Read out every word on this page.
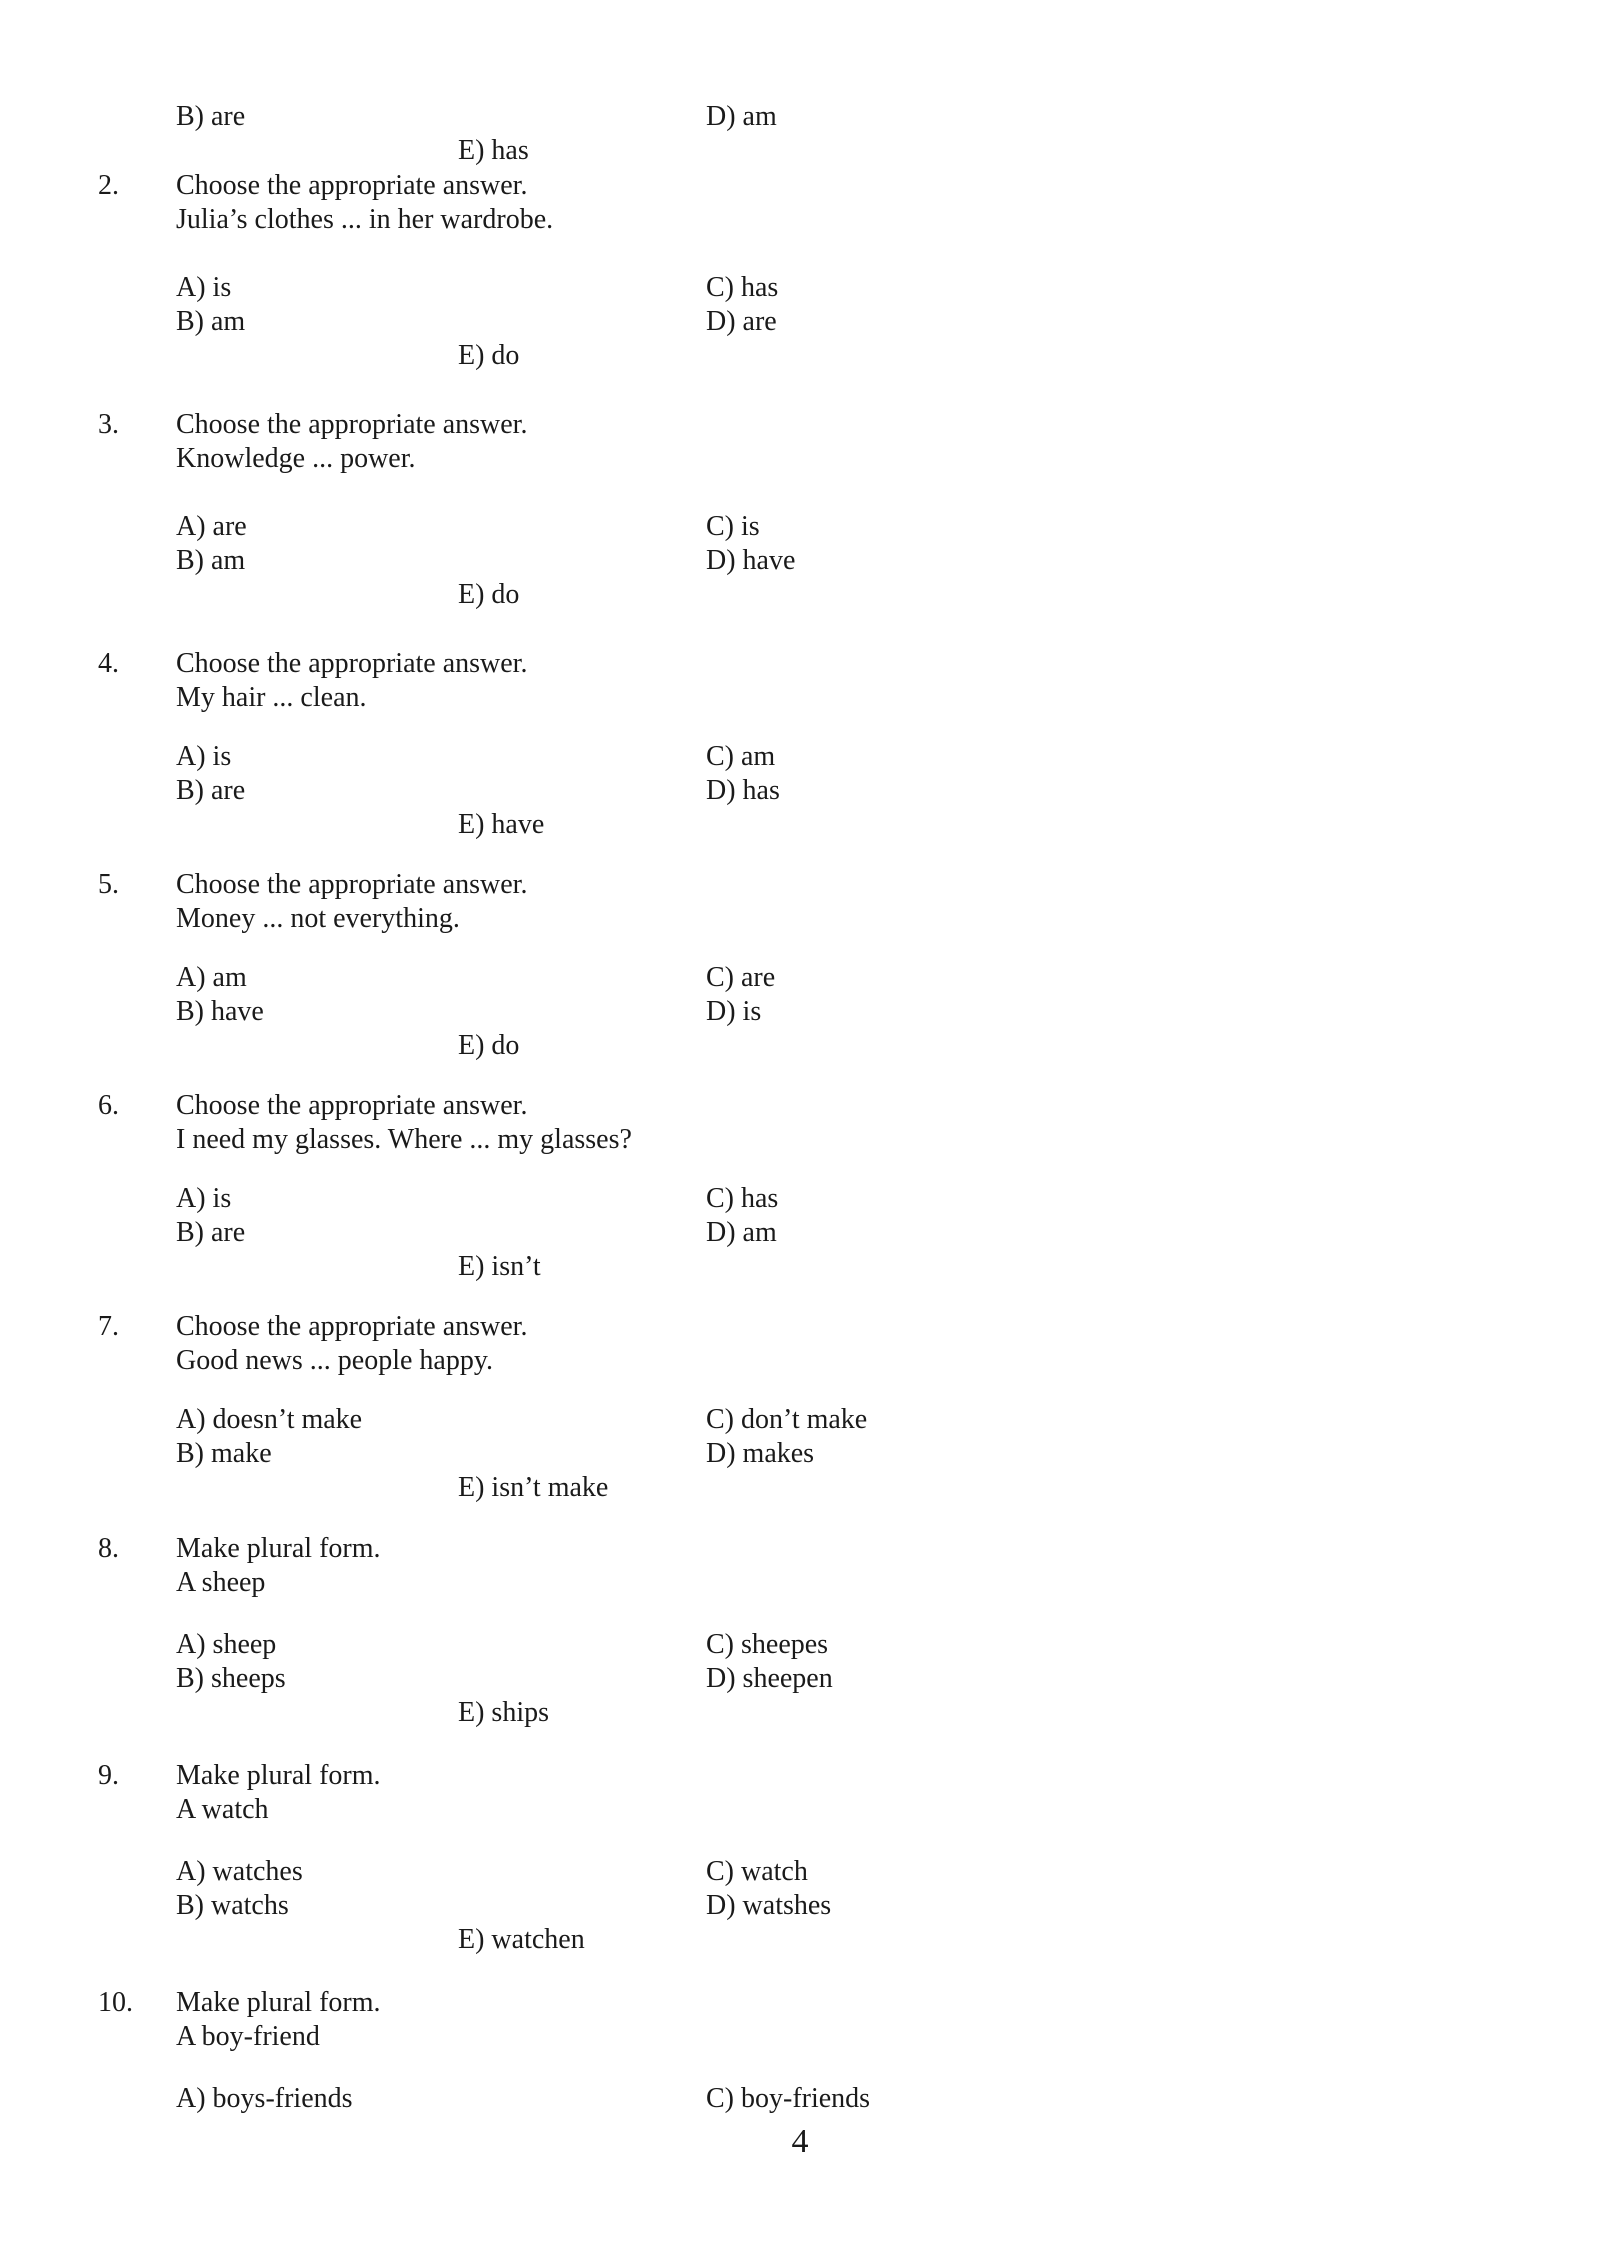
B) are	D) am
E) has
2. Choose the appropriate answer.
Julia’s clothes ... in her wardrobe.
A) is	C) has
B) am	D) are
E) do
3. Choose the appropriate answer.
Knowledge ... power.
A) are	C) is
B) am	D) have
E) do
4. Choose the appropriate answer.
My hair ... clean.
A) is	C) am
B) are	D) has
E) have
5. Choose the appropriate answer.
Money ... not everything.
A) am	C) are
B) have	D) is
E) do
6. Choose the appropriate answer.
I need my glasses. Where ... my glasses?
A) is	C) has
B) are	D) am
E) isn’t
7. Choose the appropriate answer.
Good news ... people happy.
A) doesn’t make	C) don’t make
B) make	D) makes
E) isn’t make
8. Make plural form.
A sheep
A) sheep	C) sheepes
B) sheeps	D) sheepen
E) ships
9. Make plural form.
A watch
A) watches	C) watch
B) watchs	D) watshes
E) watchen
10. Make plural form.
A boy-friend
A) boys-friends	C) boy-friends
4
